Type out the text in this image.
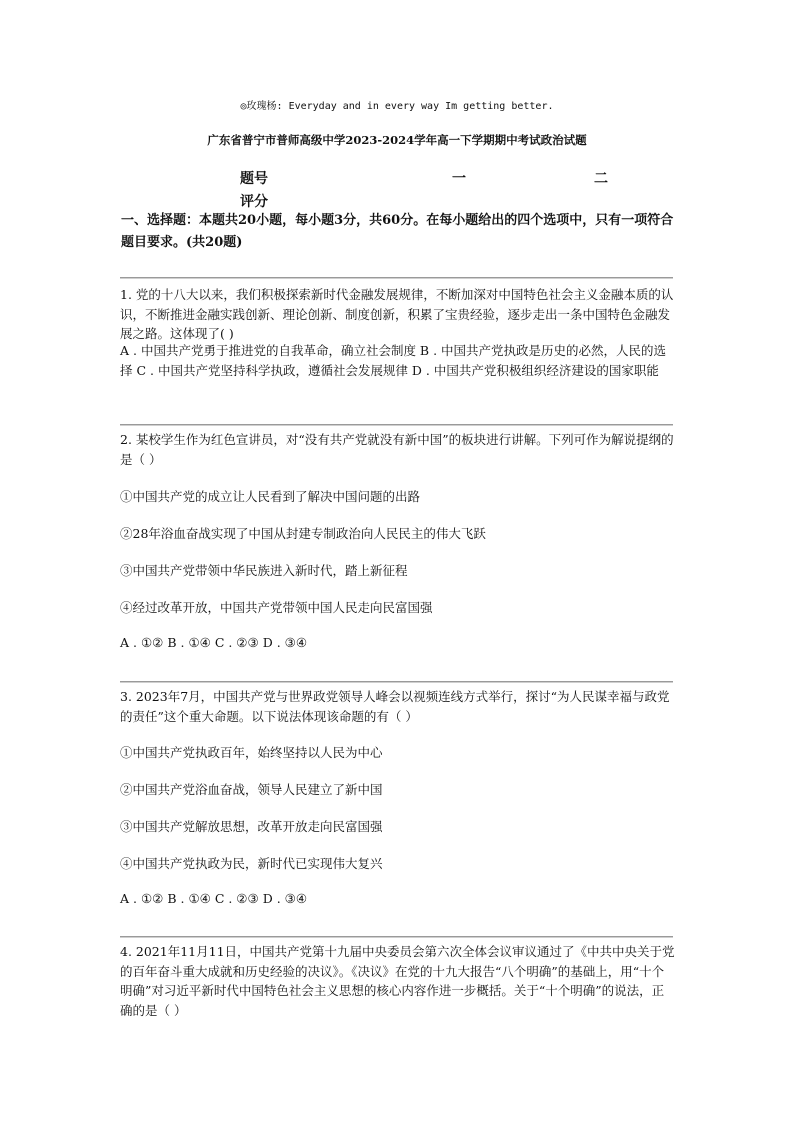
◎玫瑰杨: Everyday and in every way Im getting better.
广东省普宁市普师高级中学2023-2024学年高一下学期期中考试政治试题
题号	一	二
评分
一、选择题：本题共20小题，每小题3分，共60分。在每小题给出的四个选项中，只有一项符合题目要求。(共20题)
1. 党的十八大以来，我们积极探索新时代金融发展规律，不断加深对中国特色社会主义金融本质的认识，不断推进金融实践创新、理论创新、制度创新，积累了宝贵经验，逐步走出一条中国特色金融发展之路。这体现了( )
A . 中国共产党勇于推进党的自我革命，确立社会制度 B . 中国共产党执政是历史的必然，人民的选择 C . 中国共产党坚持科学执政，遵循社会发展规律 D . 中国共产党积极组织经济建设的国家职能
2. 某校学生作为红色宣讲员，对“没有共产党就没有新中国”的板块进行讲解。下列可作为解说提纲的是（ ）
①中国共产党的成立让人民看到了解决中国问题的出路
②28年浴血奋战实现了中国从封建专制政治向人民民主的伟大飞跃
③中国共产党带领中华民族进入新时代，踏上新征程
④经过改革开放，中国共产党带领中国人民走向民富国强
A . ①② B . ①④ C . ②③ D . ③④
3. 2023年7月，中国共产党与世界政党领导人峰会以视频连线方式举行，探讨“为人民谋幸福与政党的责任”这个重大命题。以下说法体现该命题的有（ ）
①中国共产党执政百年，始终坚持以人民为中心
②中国共产党浴血奋战，领导人民建立了新中国
③中国共产党解放思想，改革开放走向民富国强
④中国共产党执政为民，新时代已实现伟大复兴
A . ①② B . ①④ C . ②③ D . ③④
4. 2021年11月11日，中国共产党第十九届中央委员会第六次全体会议审议通过了《中共中央关于党的百年奋斗重大成就和历史经验的决议》。《决议》在党的十九大报告“八个明确”的基础上，用“十个明确”对习近平新时代中国特色社会主义思想的核心内容作进一步概括。关于“十个明确”的说法，正确的是（ ）
